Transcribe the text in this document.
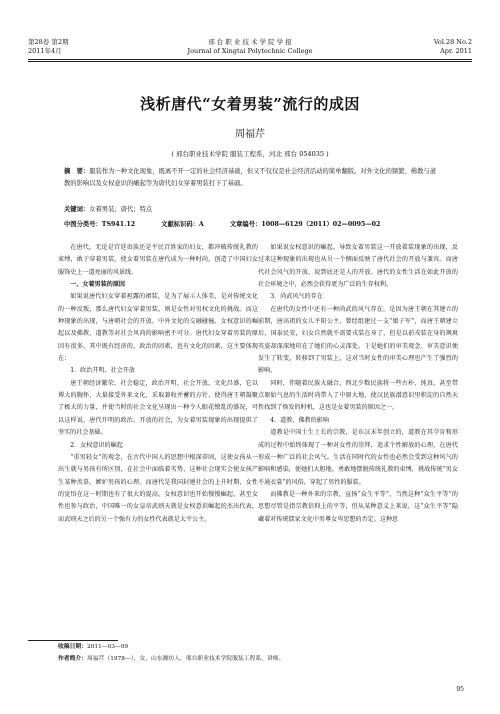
第28卷 第2期
2011年4月
邢 台 职 业 技 术 学 院 学 报
Journal of Xingtai Polytechnic College
Vol.28 No.2
Apr. 2011
浅析唐代“女着男装”流行的成因
周福芹
( 邢台职业技术学院 服装工程系，河北 邢台 054035 )
摘　要：服装作为一种文化现象，既离不开一定的社会经济基础，但又不仅仅是社会经济活动的简单翻版。对外文化的频繁、佛教与道教的影响以及女权意识的崛起等为唐代妇女穿着男装打下了基础。
关键词：女着男装；唐代；特点
中图分类号：TS941.12	文献标识码：A	文章编号：1008—6129（2011）02—0095—02

在唐代，无论是宫廷贵族还是平民百姓家的妇女，都冲破传统礼教的束缚，敢于穿着男装，使女着男装在唐代成为一种时尚，创造了中国妇女服饰史上一道亮丽的风景线。

一、女着男装的原因

如果说唐代妇女穿着袒露的裙装，是为了展示人体美，是对传统文化的一种反叛，那么唐代妇女穿着男装，则是女性对男权文化的挑战。而这种现象的出现，与唐朝社会的开放、中外文化的交融碰撞、女权意识的崛起以及佛教、道教等对社会风尚的影响密不可分。唐代妇女穿着男装的原因有很多，其中既有经济的、政治的因素，也有文化的因素，这主要体现在：

1．政治开明、社会开放

唐王朝经济繁荣、社会稳定，政治开明、社会开放、文化昌盛，它以博大的胸怀，大量接受外来文化，采取兼收并蓄的方针，使得唐王朝凝聚了极大的力量，并使当时的社会文化呈现出一种令人眼花缭乱的盛况，可以这样说，唐代开明的政治、开放的社会，为女着男装现象的出现提供了坚实的社会基础。

2．女权意识的崛起

“重男轻女”的观念，在古代中国人的思想中根深蒂固，这使女孩从一出生就与男孩有所区别，在社会中面临着劣势，这种社会现实会使女孩产生某种羡慕、嫉妒男孩的心理。而唐代是我国封建社会的上升时期，女性的觉悟在这一时期也有了很大的提高，女权意识也开始慢慢崛起，甚至女性也参与政治，中国唯一的女皇帝武则天就是女权意识崛起的杰出代表，而武则天之后的另一个强有力的女性代表就是太平公主。

如果说女权意识的崛起，导致女着男装这一开放着装现象的出现，反过来这种现象的出现也从另一个侧面反映了唐代社会的开放与兼容。而唐代社会风气的开放，说到底还是人的开放。唐代的女性生活在如此开放的社会环境之中，必然会获得更为广泛的生存权利。

3．尚武风气的存在

在唐代的女性中还有一种尚武的风气存在，是因为唐王朝在其建立的前期，唐高祖的女儿平阳公主，曾经组建过一支“娘子军”，而唐王朝建立后，国泰民安，妇女自然就不需要戎装在身了，但是以前戎装在身的飒爽英姿却深深地印在了她们的心灵深处。于是她们的审美观念、审美意识便发生了转变，转移到了男装上，这对当时女性的审美心理也产生了强烈的影响。

同时，伴随着民族大融合，西北少数民族将一些古朴、纯真、甚至带点原始气息的生活时尚带入了中原大地，使汉民族潜意识里积淀的自然天性找到了焕发的时机，这也是女着男装的原因之一。

4．道教、佛教的影响

道教是中国土生土长的宗教，是东汉末年创立的，道教在其孕育和形成的过程中始终体现了一种对女性的崇拜，追求个性解放的心理，在唐代形成一种广泛的社会风气。生活在同时代的女性也必然会受到这种风气的影响和感染，使她们大胆地、勇敢地摆脱传统礼教的束缚，挑战传统“男女不通衣裳”的风俗，穿起了男性的服装。

而佛教是一种外来的宗教，宣扬“众生平等”，当然这种“众生平等”的思想尽管是指宗教信仰上的平等，但从某种意义上来说，这“众生平等”隐藏着对传统儒家文化中男尊女卑思想的否定。这种思

收稿日期：2011—03—09
作者简介：周福芹（1978—），女，山东潍坊人，邢台职业技术学院服装工程系，讲师。
95
